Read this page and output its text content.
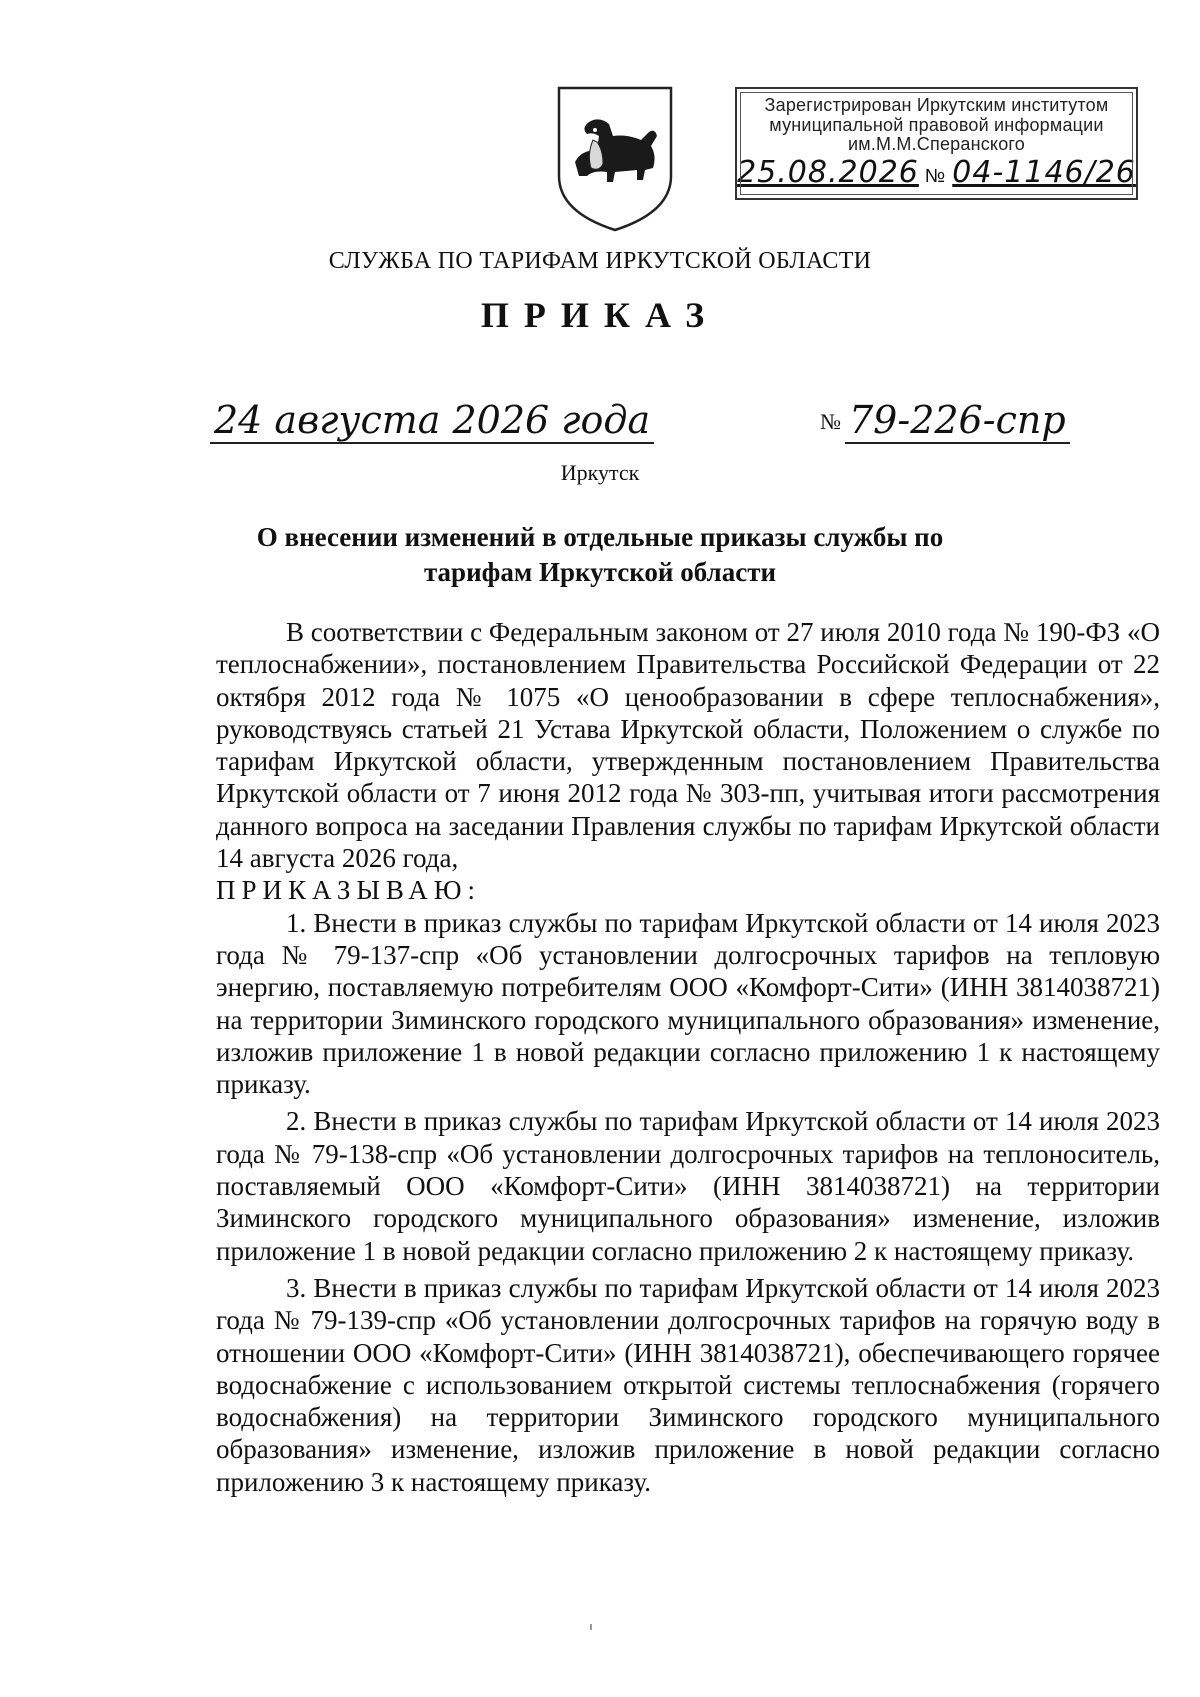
Зарегистрирован Иркутским институтом
муниципальной правовой информации
им.М.М.Сперанского
25.08.2026 № 04-1146/26
СЛУЖБА ПО ТАРИФАМ ИРКУТСКОЙ ОБЛАСТИ
ПРИКАЗ
24 августа 2026 года	№ 79-226-спр
Иркутск
О внесении изменений в отдельные приказы службы по тарифам Иркутской области

В соответствии с Федеральным законом от 27 июля 2010 года № 190-ФЗ «О теплоснабжении», постановлением Правительства Российской Федерации от 22 октября 2012 года № 1075 «О ценообразовании в сфере теплоснабжения», руководствуясь статьей 21 Устава Иркутской области, Положением о службе по тарифам Иркутской области, утвержденным постановлением Правительства Иркутской области от 7 июня 2012 года № 303-пп, учитывая итоги рассмотрения данного вопроса на заседании Правления службы по тарифам Иркутской области 14 августа 2026 года,

ПРИКАЗЫВАЮ:

1. Внести в приказ службы по тарифам Иркутской области от 14 июля 2023 года № 79-137-спр «Об установлении долгосрочных тарифов на тепловую энергию, поставляемую потребителям ООО «Комфорт-Сити» (ИНН 3814038721) на территории Зиминского городского муниципального образования» изменение, изложив приложение 1 в новой редакции согласно приложению 1 к настоящему приказу.

2. Внести в приказ службы по тарифам Иркутской области от 14 июля 2023 года № 79-138-спр «Об установлении долгосрочных тарифов на теплоноситель, поставляемый ООО «Комфорт-Сити» (ИНН 3814038721) на территории Зиминского городского муниципального образования» изменение, изложив приложение 1 в новой редакции согласно приложению 2 к настоящему приказу.

3. Внести в приказ службы по тарифам Иркутской области от 14 июля 2023 года № 79-139-спр «Об установлении долгосрочных тарифов на горячую воду в отношении ООО «Комфорт-Сити» (ИНН 3814038721), обеспечивающего горячее водоснабжение с использованием открытой системы теплоснабжения (горячего водоснабжения) на территории Зиминского городского муниципального образования» изменение, изложив приложение в новой редакции согласно приложению 3 к настоящему приказу.
